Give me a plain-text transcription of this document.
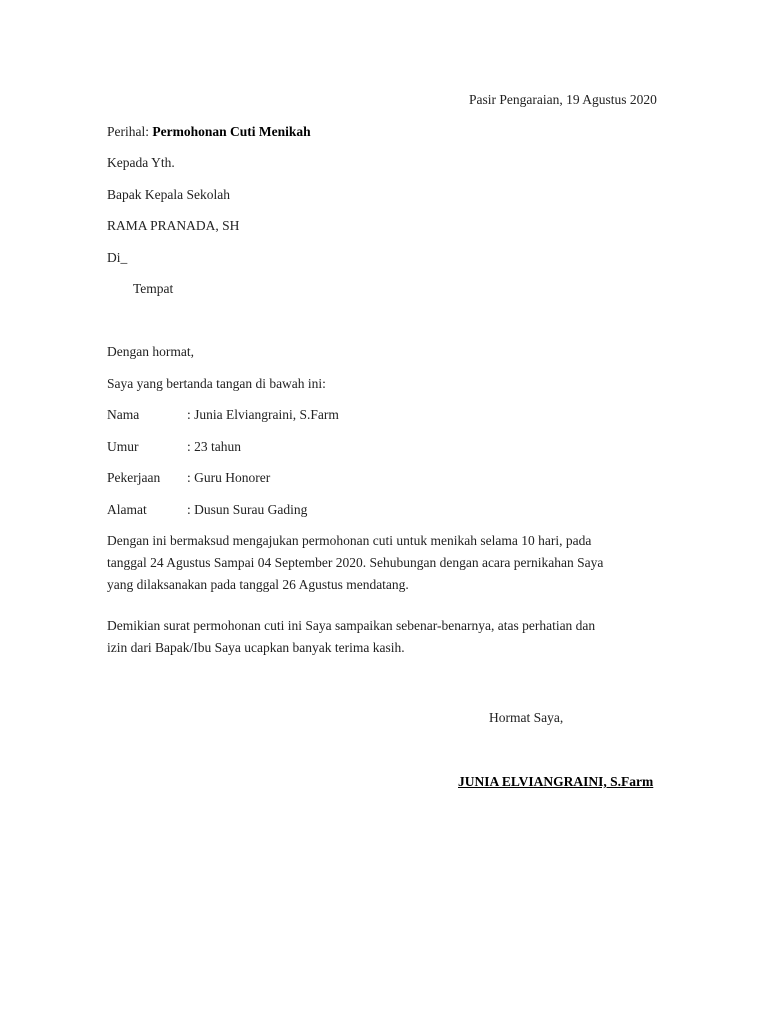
Pasir Pengaraian, 19 Agustus 2020
Perihal: Permohonan Cuti Menikah
Kepada Yth.
Bapak Kepala Sekolah
RAMA PRANADA, SH
Di_
Tempat
Dengan hormat,
Saya yang bertanda tangan di bawah ini:
Nama	: Junia Elviangraini, S.Farm
Umur	: 23 tahun
Pekerjaan : Guru Honorer
Alamat	: Dusun Surau Gading
Dengan ini bermaksud mengajukan permohonan cuti untuk menikah selama 10 hari, pada
tanggal 24 Agustus Sampai 04 September 2020. Sehubungan dengan acara pernikahan Saya
yang dilaksanakan pada tanggal 26 Agustus mendatang.
Demikian surat permohonan cuti ini Saya sampaikan sebenar-benarnya, atas perhatian dan
izin dari Bapak/Ibu Saya ucapkan banyak terima kasih.
Hormat Saya,
JUNIA ELVIANGRAINI, S.Farm
